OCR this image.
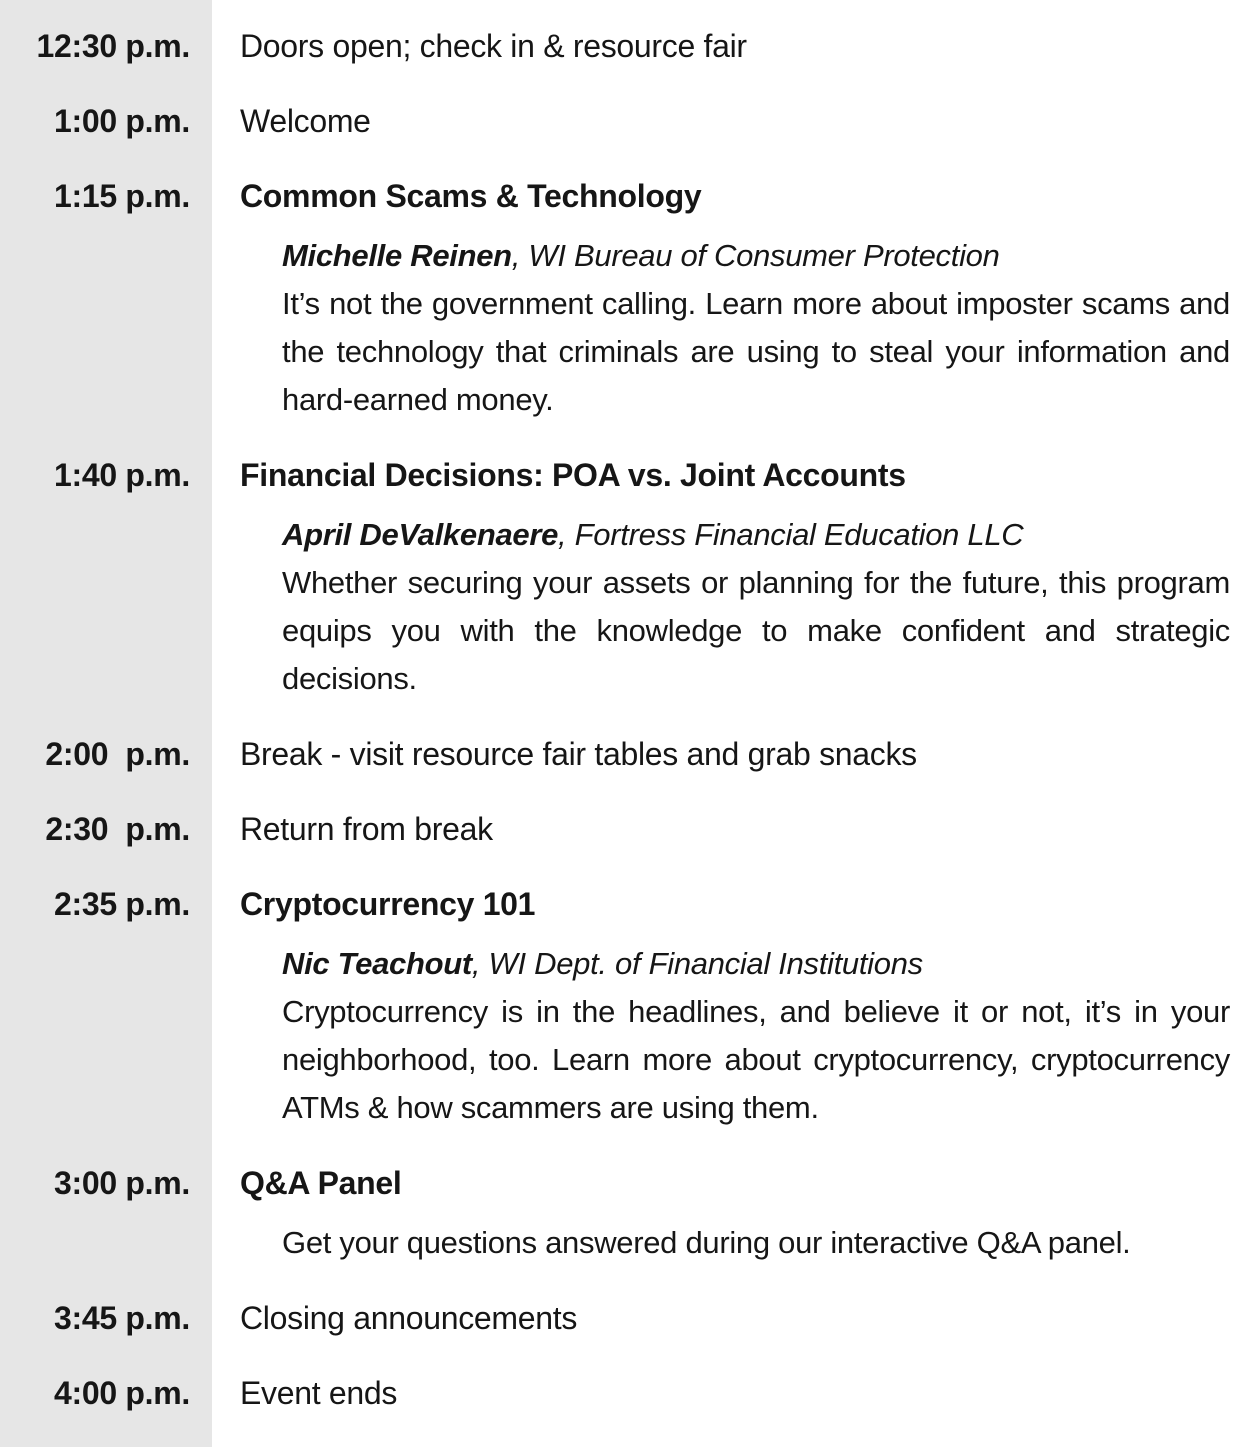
12:30 p.m.	Doors open; check in & resource fair
1:00 p.m.	Welcome
1:15 p.m.	Common Scams & Technology
Michelle Reinen, WI Bureau of Consumer Protection
It’s not the government calling. Learn more about imposter scams and the technology that criminals are using to steal your information and hard-earned money.
1:40 p.m.	Financial Decisions: POA vs. Joint Accounts
April DeValkenaere, Fortress Financial Education LLC
Whether securing your assets or planning for the future, this program equips you with the knowledge to make confident and strategic decisions.
2:00  p.m.	Break - visit resource fair tables and grab snacks
2:30  p.m.	Return from break
2:35 p.m.	Cryptocurrency 101
Nic Teachout, WI Dept. of Financial Institutions
Cryptocurrency is in the headlines, and believe it or not, it’s in your neighborhood, too. Learn more about cryptocurrency, cryptocurrency ATMs & how scammers are using them.
3:00 p.m.	Q&A Panel
Get your questions answered during our interactive Q&A panel.
3:45 p.m.	Closing announcements
4:00 p.m.	Event ends
